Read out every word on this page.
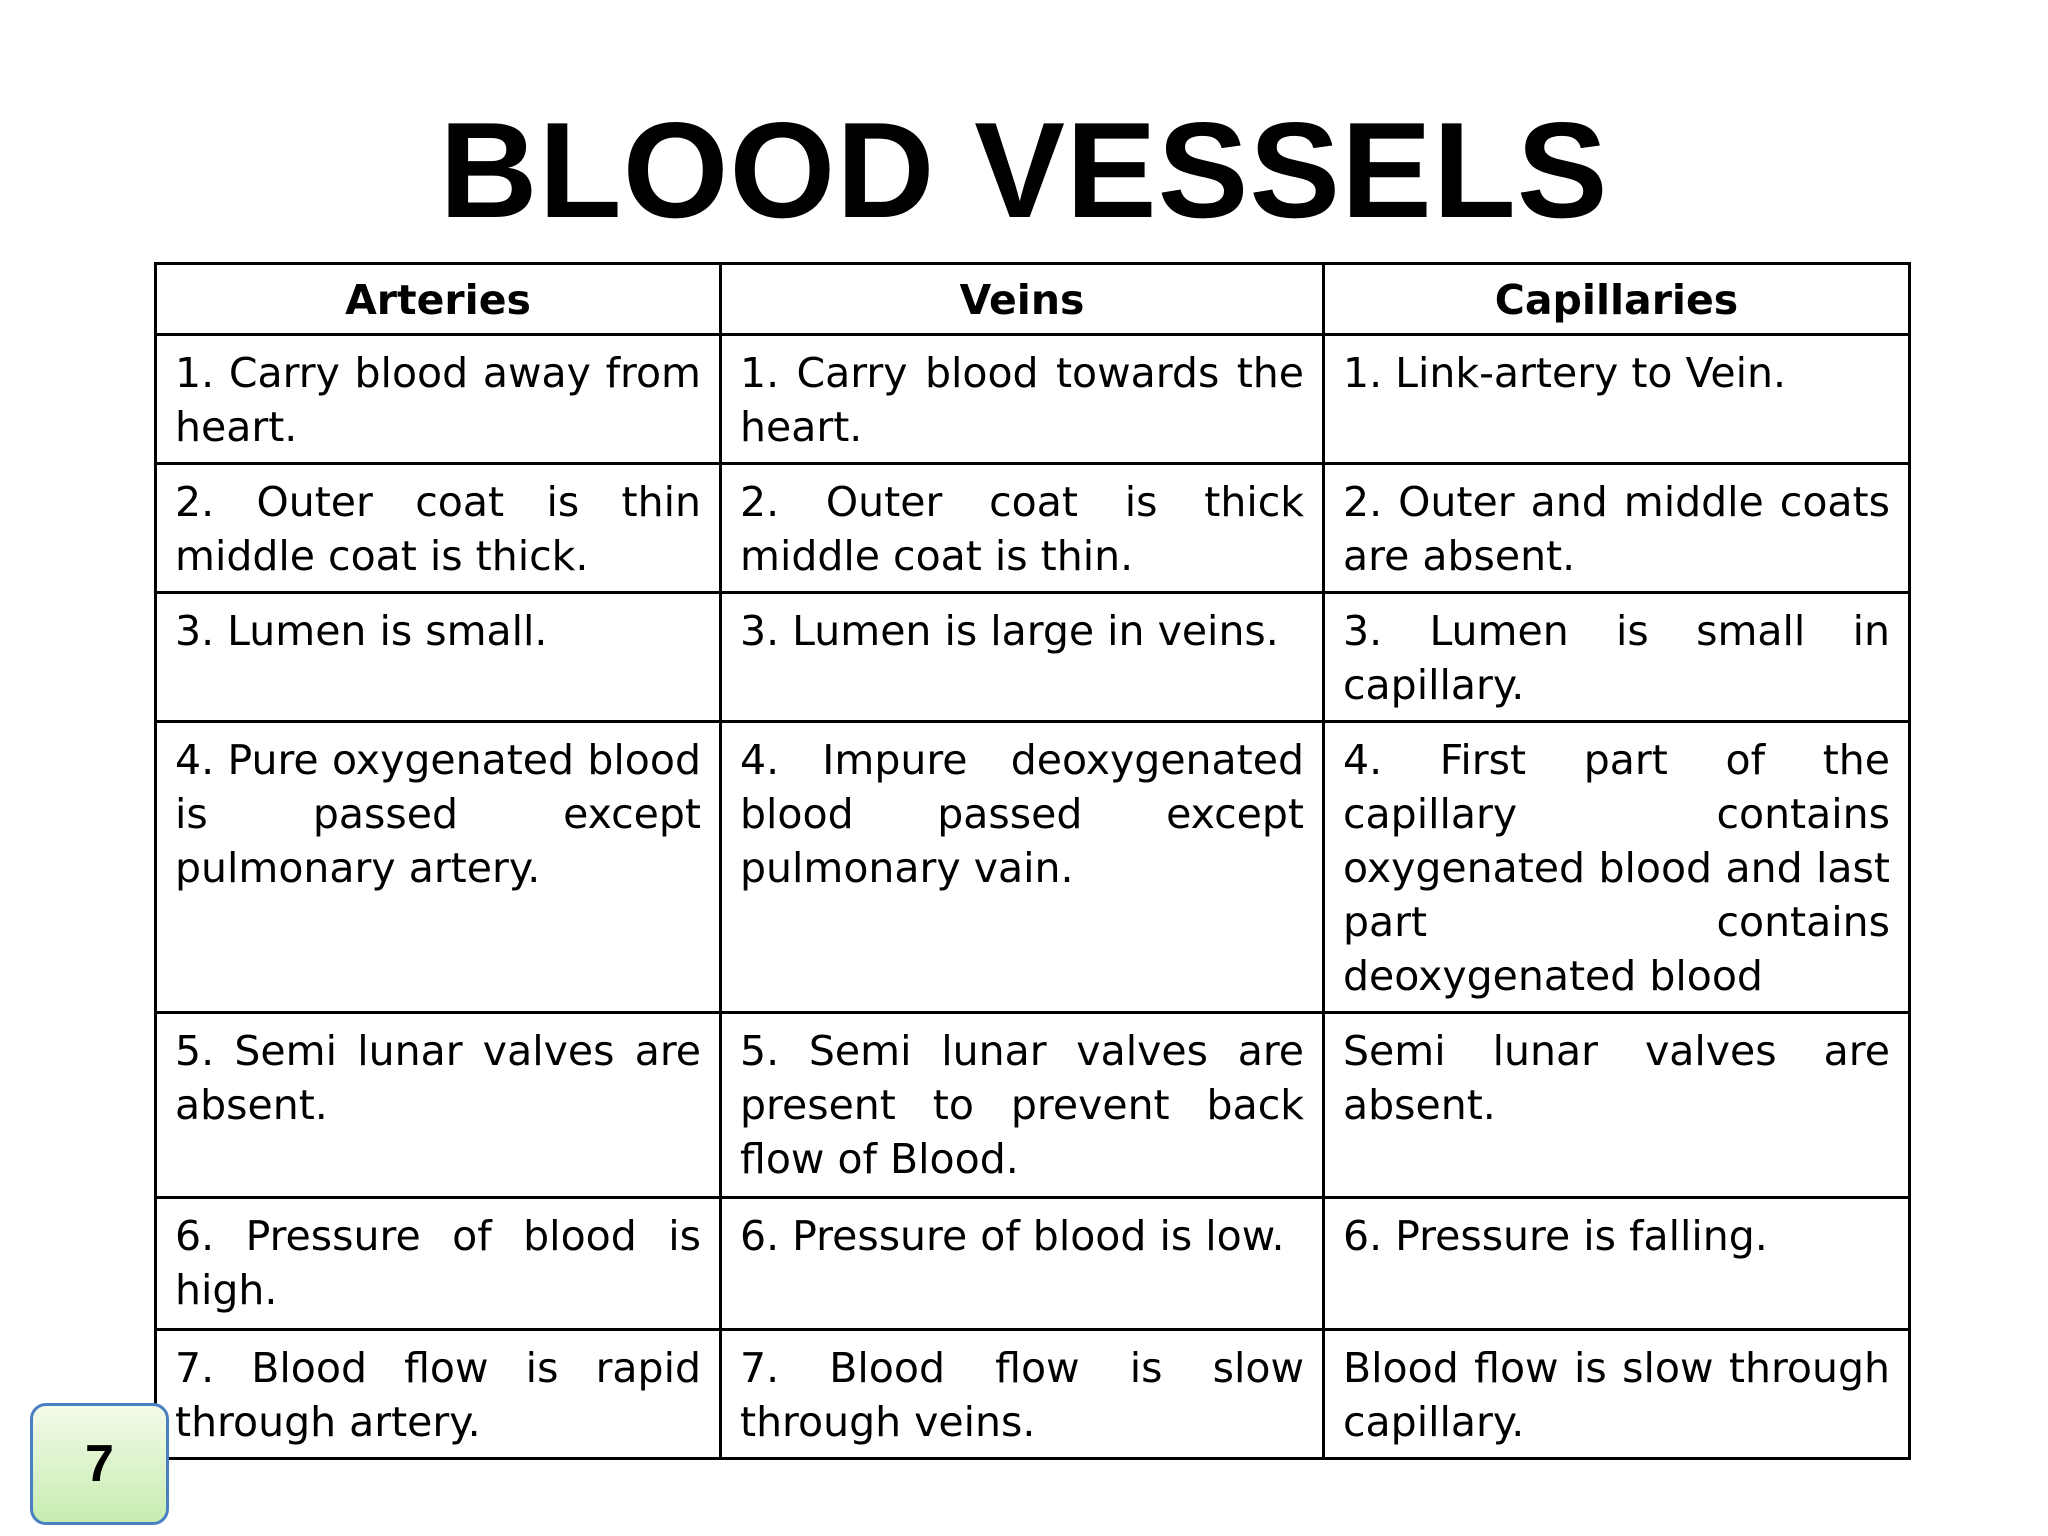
BLOOD VESSELS
Arteries	Veins	Capillaries
1. Carry blood away from heart.	1. Carry blood towards the heart.	1. Link-artery to Vein.
2. Outer coat is thin middle coat is thick.	2. Outer coat is thick middle coat is thin.	2. Outer and middle coats are absent.
3. Lumen is small.	3. Lumen is large in veins.	3. Lumen is small in capillary.
4. Pure oxygenated blood is passed except pulmonary artery.	4. Impure deoxygenated blood passed except pulmonary vain.	4. First part of the capillary contains oxygenated blood and last part contains deoxygenated blood
5. Semi lunar valves are absent.	5. Semi lunar valves are present to prevent back flow of Blood.	Semi lunar valves are absent.
6. Pressure of blood is high.	6. Pressure of blood is low.	6. Pressure is falling.
7. Blood flow is rapid through artery.	7. Blood flow is slow through veins.	Blood flow is slow through capillary.
7
